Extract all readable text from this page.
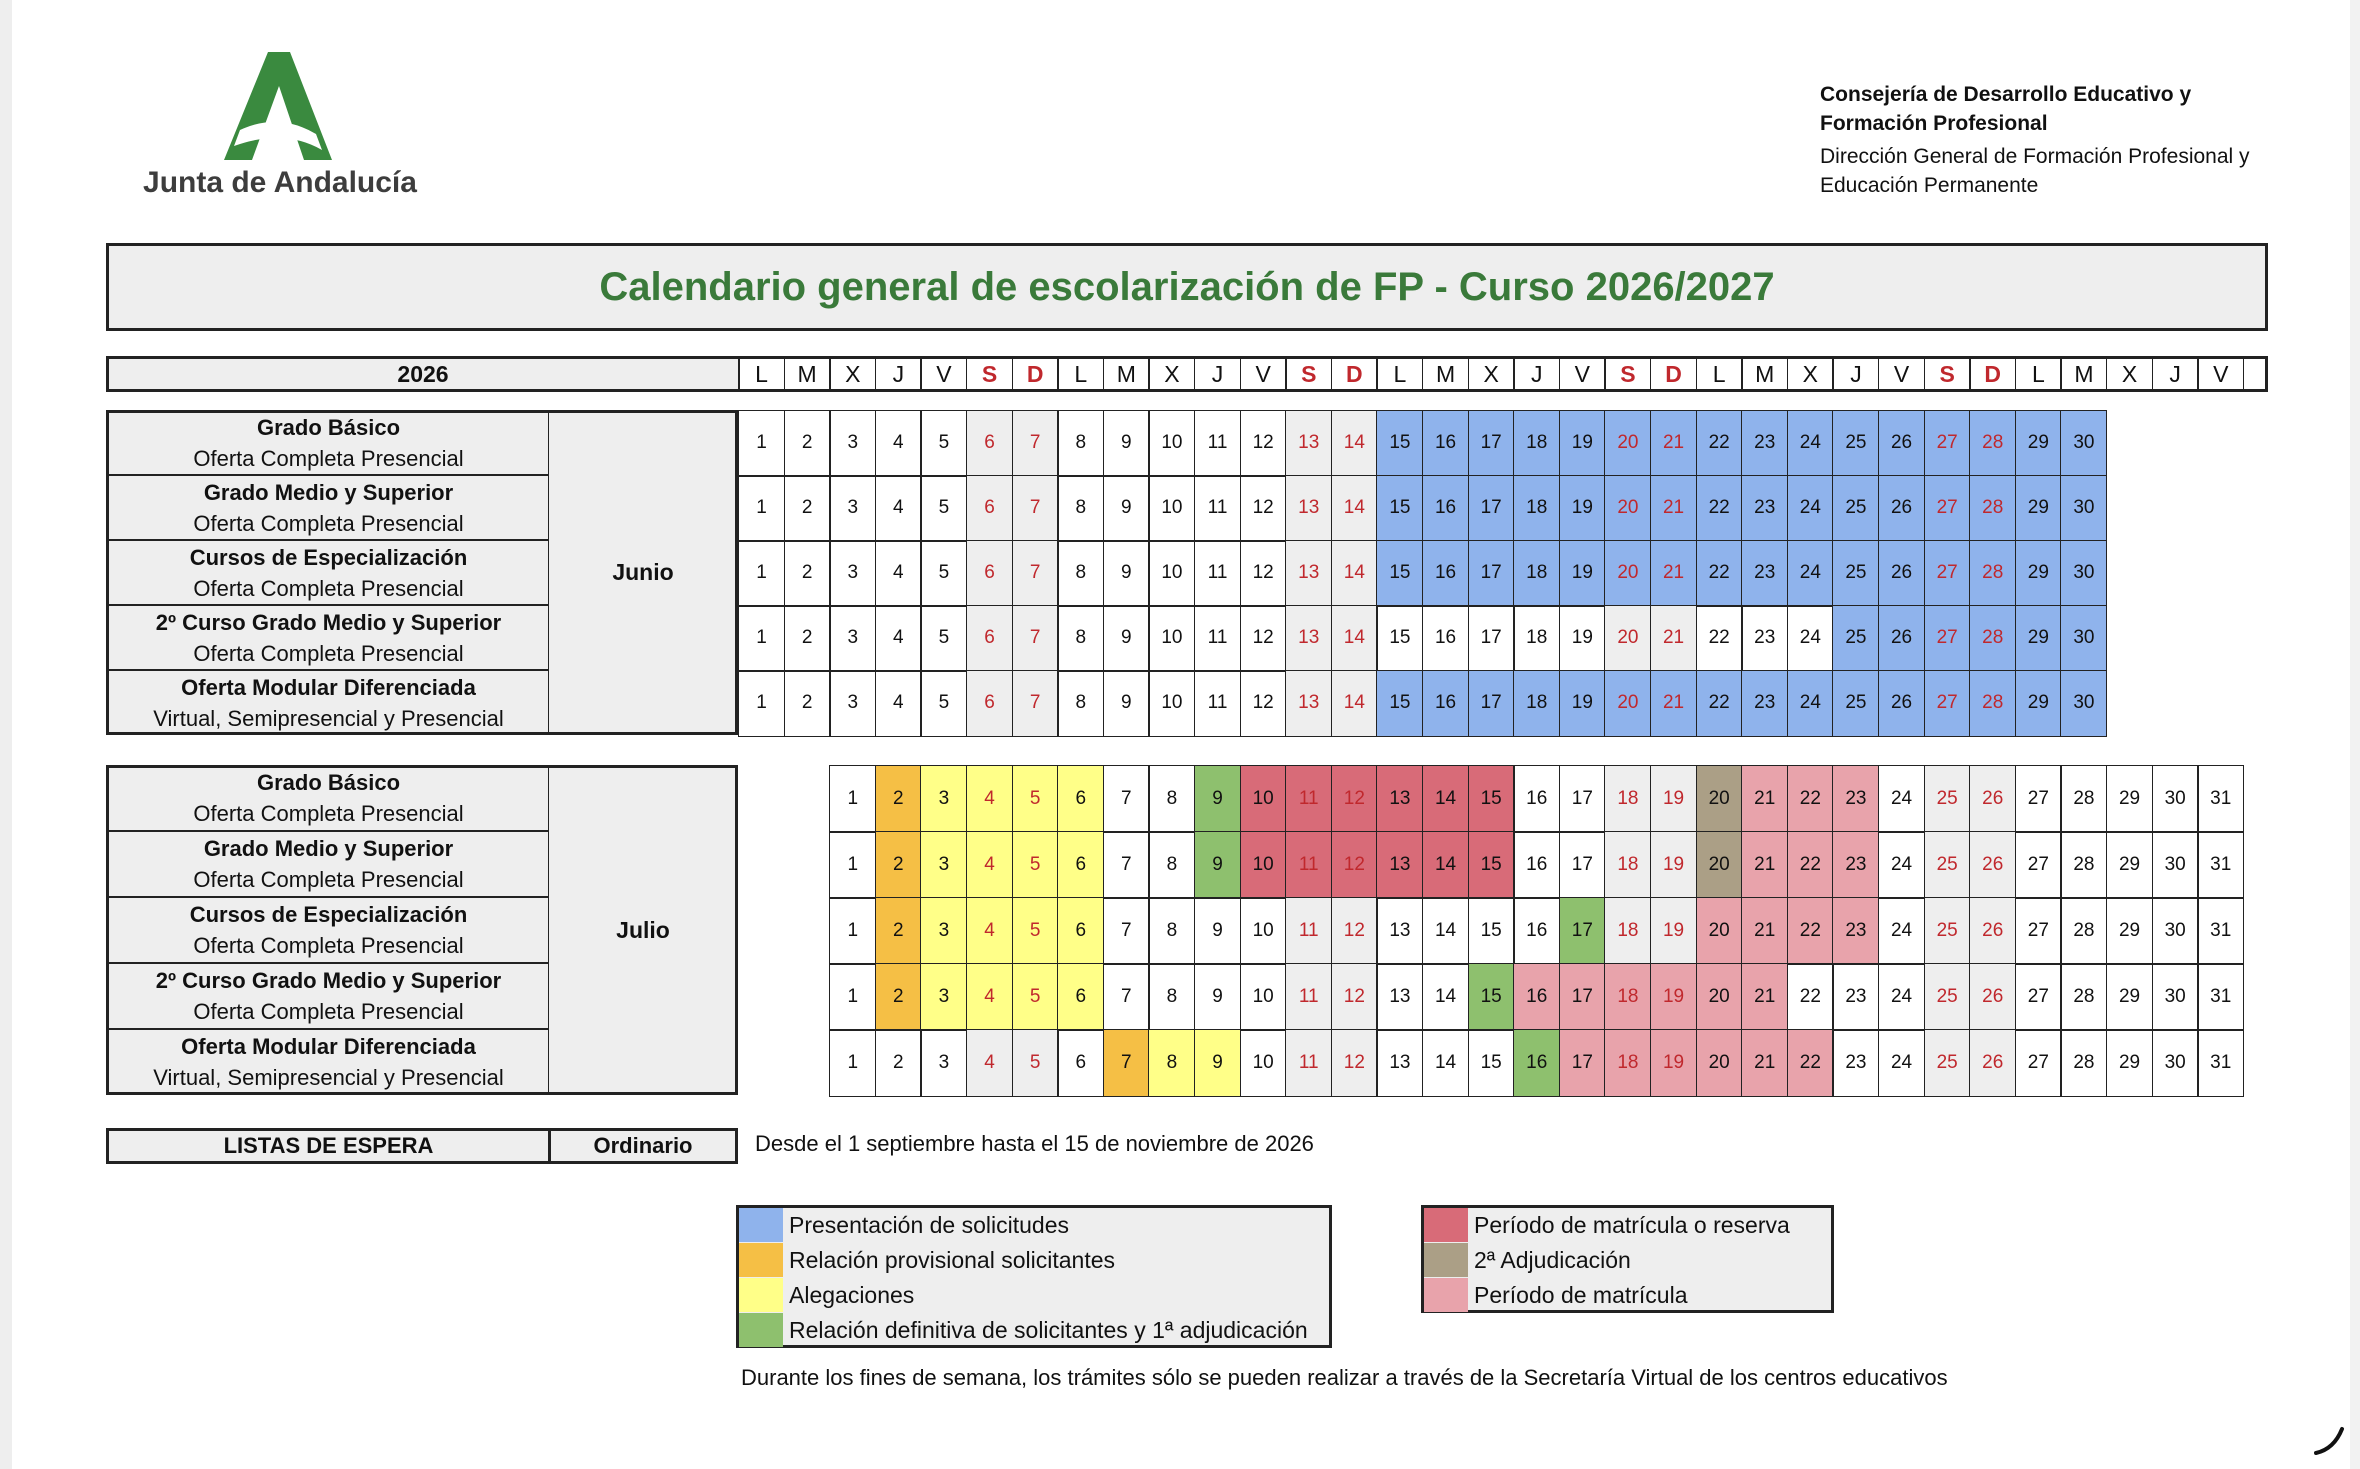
Junta de Andalucía
Consejería de Desarrollo Educativo y
Formación Profesional
Dirección General de Formación Profesional y
Educación Permanente
Calendario general de escolarización de FP - Curso 2026/2027
2026	L	M	X	J	V	S	D	L	M	X	J	V	S	D	L	M	X	J	V	S	D	L	M	X	J	V	S	D	L	M	X	J	V
Grado Básico
Oferta Completa Presencial
1	2	3	4	5	6	7	8	9	10	11	12	13	14	15	16	17	18	19	20	21	22	23	24	25	26	27	28	29	30
Grado Medio y Superior
Oferta Completa Presencial
1	2	3	4	5	6	7	8	9	10	11	12	13	14	15	16	17	18	19	20	21	22	23	24	25	26	27	28	29	30
Cursos de Especialización
Oferta Completa Presencial
1	2	3	4	5	6	7	8	9	10	11	12	13	14	15	16	17	18	19	20	21	22	23	24	25	26	27	28	29	30
2º Curso Grado Medio y Superior
Oferta Completa Presencial
1	2	3	4	5	6	7	8	9	10	11	12	13	14	15	16	17	18	19	20	21	22	23	24	25	26	27	28	29	30
Oferta Modular Diferenciada
Virtual, Semipresencial y Presencial
1	2	3	4	5	6	7	8	9	10	11	12	13	14	15	16	17	18	19	20	21	22	23	24	25	26	27	28	29	30
Junio
Grado Básico
Oferta Completa Presencial
1	2	3	4	5	6	7	8	9	10	11	12	13	14	15	16	17	18	19	20	21	22	23	24	25	26	27	28	29	30	31
Grado Medio y Superior
Oferta Completa Presencial
1	2	3	4	5	6	7	8	9	10	11	12	13	14	15	16	17	18	19	20	21	22	23	24	25	26	27	28	29	30	31
Cursos de Especialización
Oferta Completa Presencial
1	2	3	4	5	6	7	8	9	10	11	12	13	14	15	16	17	18	19	20	21	22	23	24	25	26	27	28	29	30	31
2º Curso Grado Medio y Superior
Oferta Completa Presencial
1	2	3	4	5	6	7	8	9	10	11	12	13	14	15	16	17	18	19	20	21	22	23	24	25	26	27	28	29	30	31
Oferta Modular Diferenciada
Virtual, Semipresencial y Presencial
1	2	3	4	5	6	7	8	9	10	11	12	13	14	15	16	17	18	19	20	21	22	23	24	25	26	27	28	29	30	31
Julio
LISTAS DE ESPERA	Ordinario	Desde el 1 septiembre hasta el 15 de noviembre de 2026
Presentación de solicitudes
Relación provisional solicitantes
Alegaciones
Relación definitiva de solicitantes y 1ª adjudicación
Período de matrícula o reserva
2ª Adjudicación
Período de matrícula
Durante los fines de semana, los trámites sólo se pueden realizar a través de la Secretaría Virtual de los centros educativos
